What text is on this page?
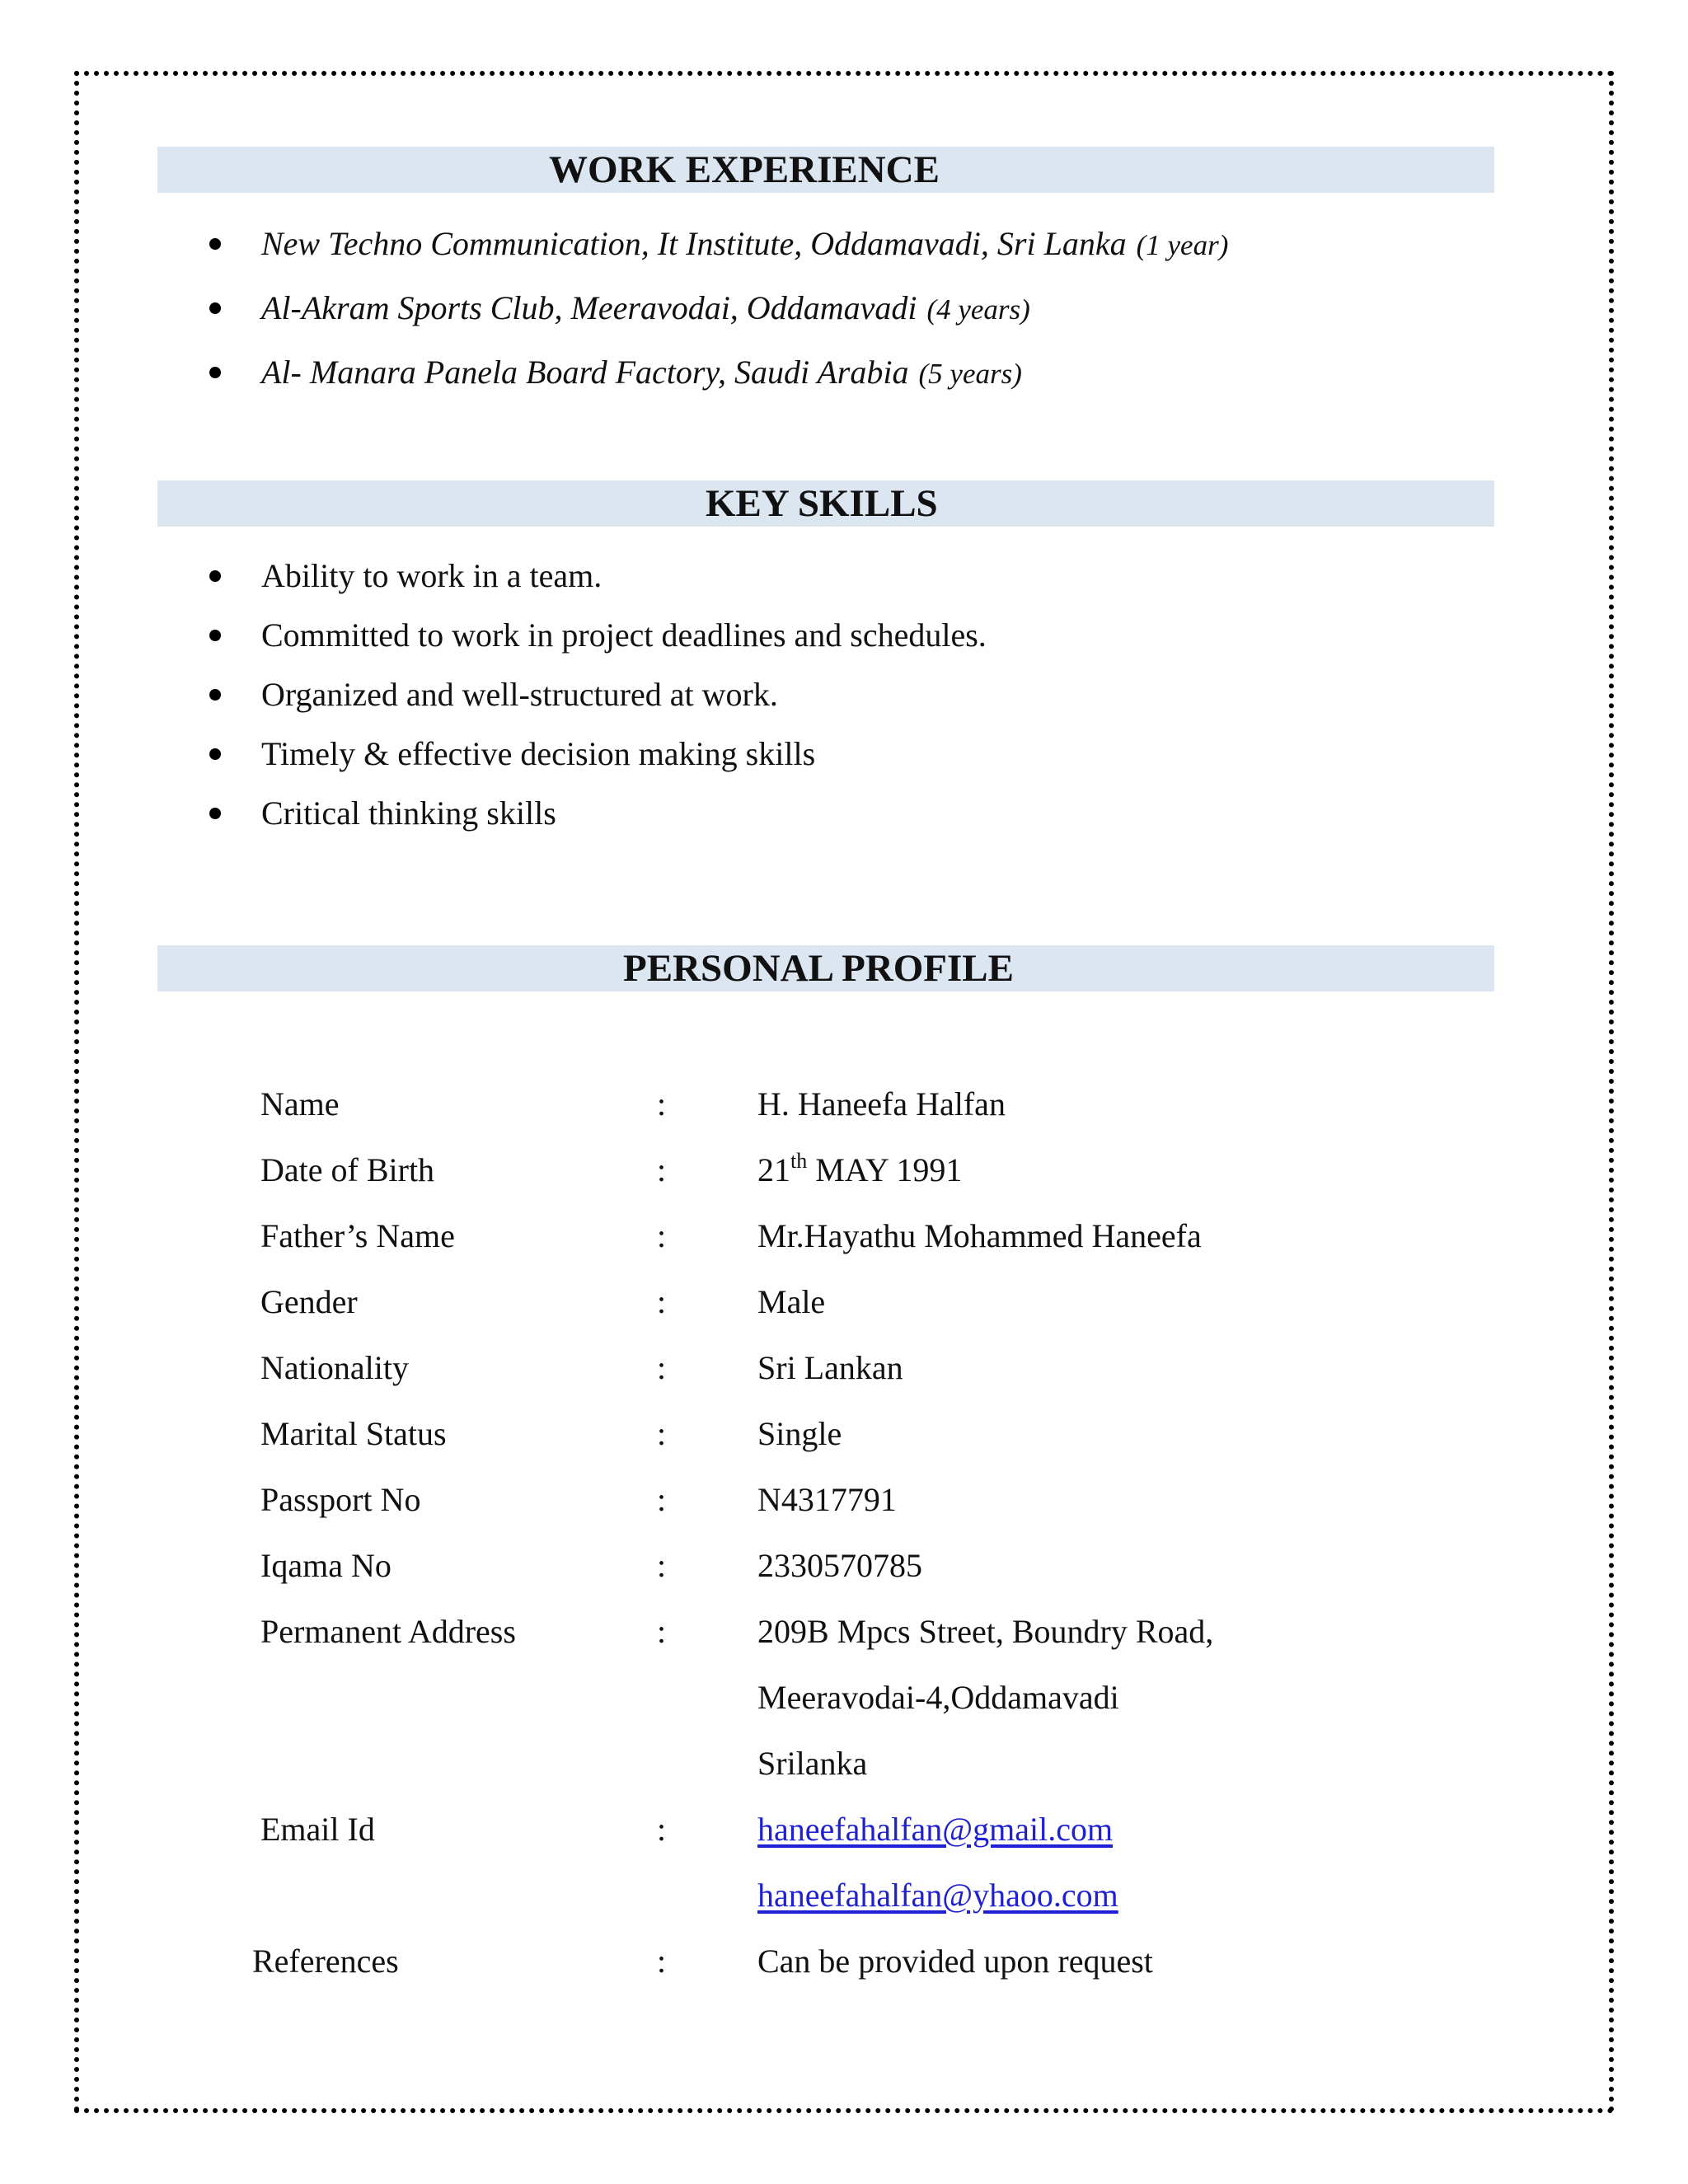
WORK EXPERIENCE
New Techno Communication, It Institute, Oddamavadi, Sri Lanka (1 year)
Al-Akram Sports Club, Meeravodai, Oddamavadi (4 years)
Al- Manara Panela Board Factory, Saudi Arabia (5 years)
KEY SKILLS
Ability to work in a team.
Committed to work in project deadlines and schedules.
Organized and well-structured at work.
Timely & effective decision making skills
Critical thinking skills
PERSONAL PROFILE
Name	:	H. Haneefa Halfan
Date of Birth	:	21th MAY 1991
Father’s Name	:	Mr.Hayathu Mohammed Haneefa
Gender	:	Male
Nationality	:	Sri Lankan
Marital Status	:	Single
Passport No	:	N4317791
Iqama No	:	2330570785
Permanent Address	:	209B Mpcs Street, Boundry Road,
Meeravodai-4,Oddamavadi
Srilanka
Email Id	:	haneefahalfan@gmail.com
haneefahalfan@yhaoo.com
References	:	Can be provided upon request
